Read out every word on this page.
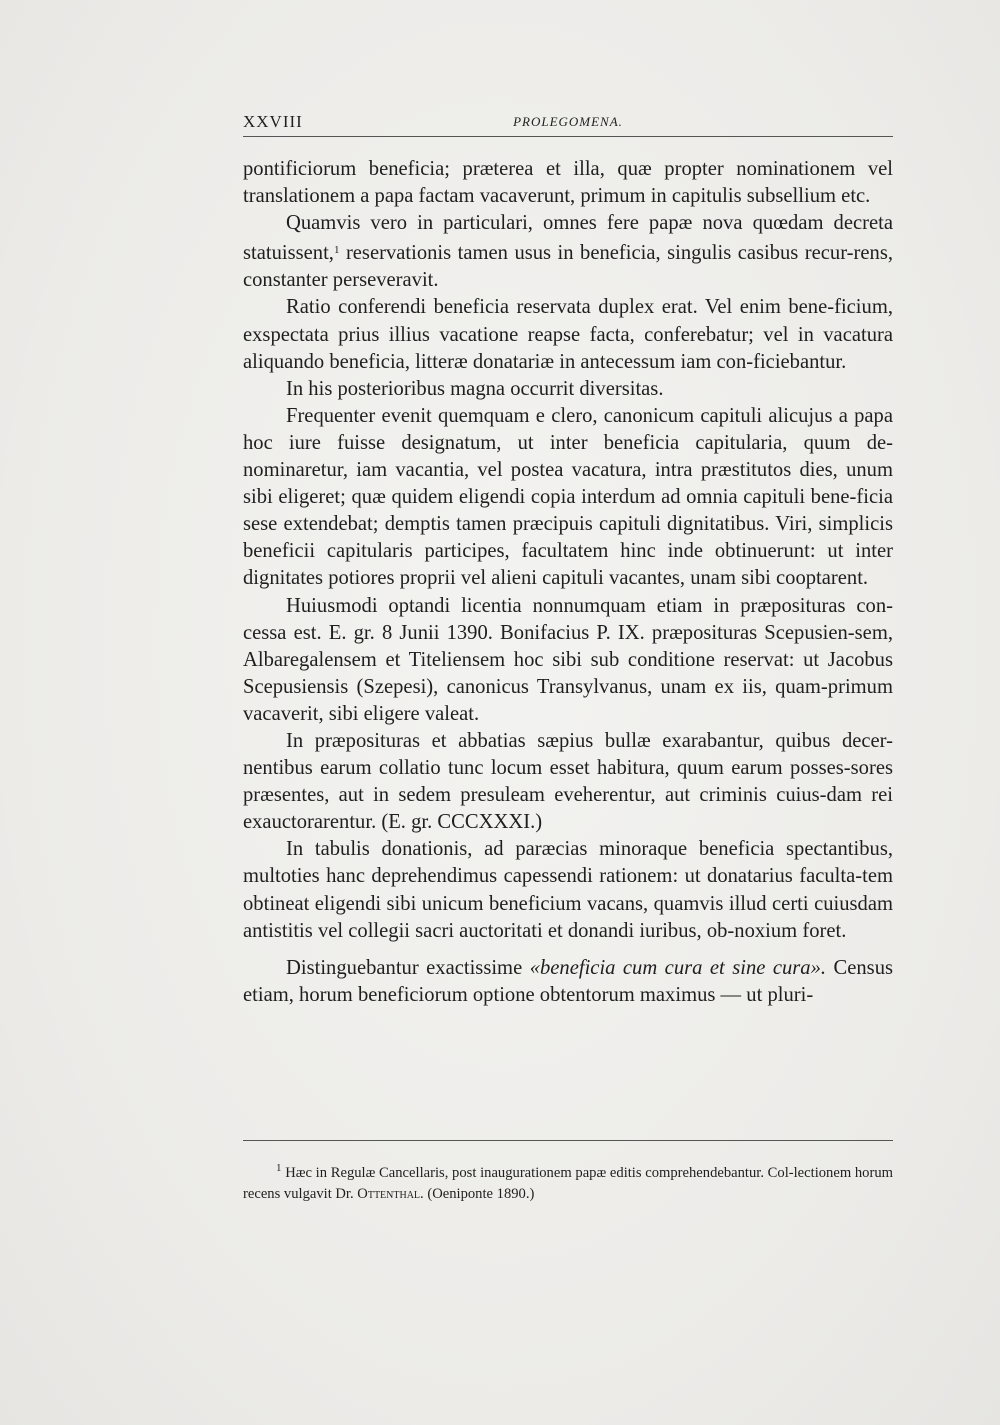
XXVIII	PROLEGOMENA.

pontificiorum beneficia; præterea et illa, quæ propter nominationem vel translationem a papa factam vacaverunt, primum in capitulis subsellium etc.

Quamvis vero in particulari, omnes fere papæ nova quœdam decreta statuissent,$^1$ reservationis tamen usus in beneficia, singulis casibus recur-rens, constanter perseveravit.

Ratio conferendi beneficia reservata duplex erat. Vel enim bene-ficium, exspectata prius illius vacatione reapse facta, conferebatur; vel in vacatura aliquando beneficia, litteræ donatariæ in antecessum iam con-ficiebantur.

In his posterioribus magna occurrit diversitas.

Frequenter evenit quemquam e clero, canonicum capituli alicujus a papa hoc iure fuisse designatum, ut inter beneficia capitularia, quum de-nominaretur, iam vacantia, vel postea vacatura, intra præstitutos dies, unum sibi eligeret; quæ quidem eligendi copia interdum ad omnia capituli bene-ficia sese extendebat; demptis tamen præcipuis capituli dignitatibus. Viri, simplicis beneficii capitularis participes, facultatem hinc inde obtinuerunt: ut inter dignitates potiores proprii vel alieni capituli vacantes, unam sibi cooptarent.

Huiusmodi optandi licentia nonnumquam etiam in præposituras con-cessa est. E. gr. 8 Junii 1390. Bonifacius P. IX. præposituras Scepusien-sem, Albaregalensem et Titeliensem hoc sibi sub conditione reservat: ut Jacobus Scepusiensis (Szepesi), canonicus Transylvanus, unam ex iis, quam-primum vacaverit, sibi eligere valeat.

In præposituras et abbatias sæpius bullæ exarabantur, quibus decer-nentibus earum collatio tunc locum esset habitura, quum earum posses-sores præsentes, aut in sedem presuleam eveherentur, aut criminis cuius-dam rei exauctorarentur. (E. gr. CCCXXXI.)

In tabulis donationis, ad paræcias minoraque beneficia spectantibus, multoties hanc deprehendimus capessendi rationem: ut donatarius faculta-tem obtineat eligendi sibi unicum beneficium vacans, quamvis illud certi cuiusdam antistitis vel collegii sacri auctoritati et donandi iuribus, ob-noxium foret.

Distinguebantur exactissime «beneficia cum cura et sine cura». Census etiam, horum beneficiorum optione obtentorum maximus — ut pluri-

$^1$ Hæc in Regulæ Cancellaris, post inaugurationem papæ editis comprehendebantur. Col-lectionem horum recens vulgavit Dr. Ottenthal. (Oeniponte 1890.)
